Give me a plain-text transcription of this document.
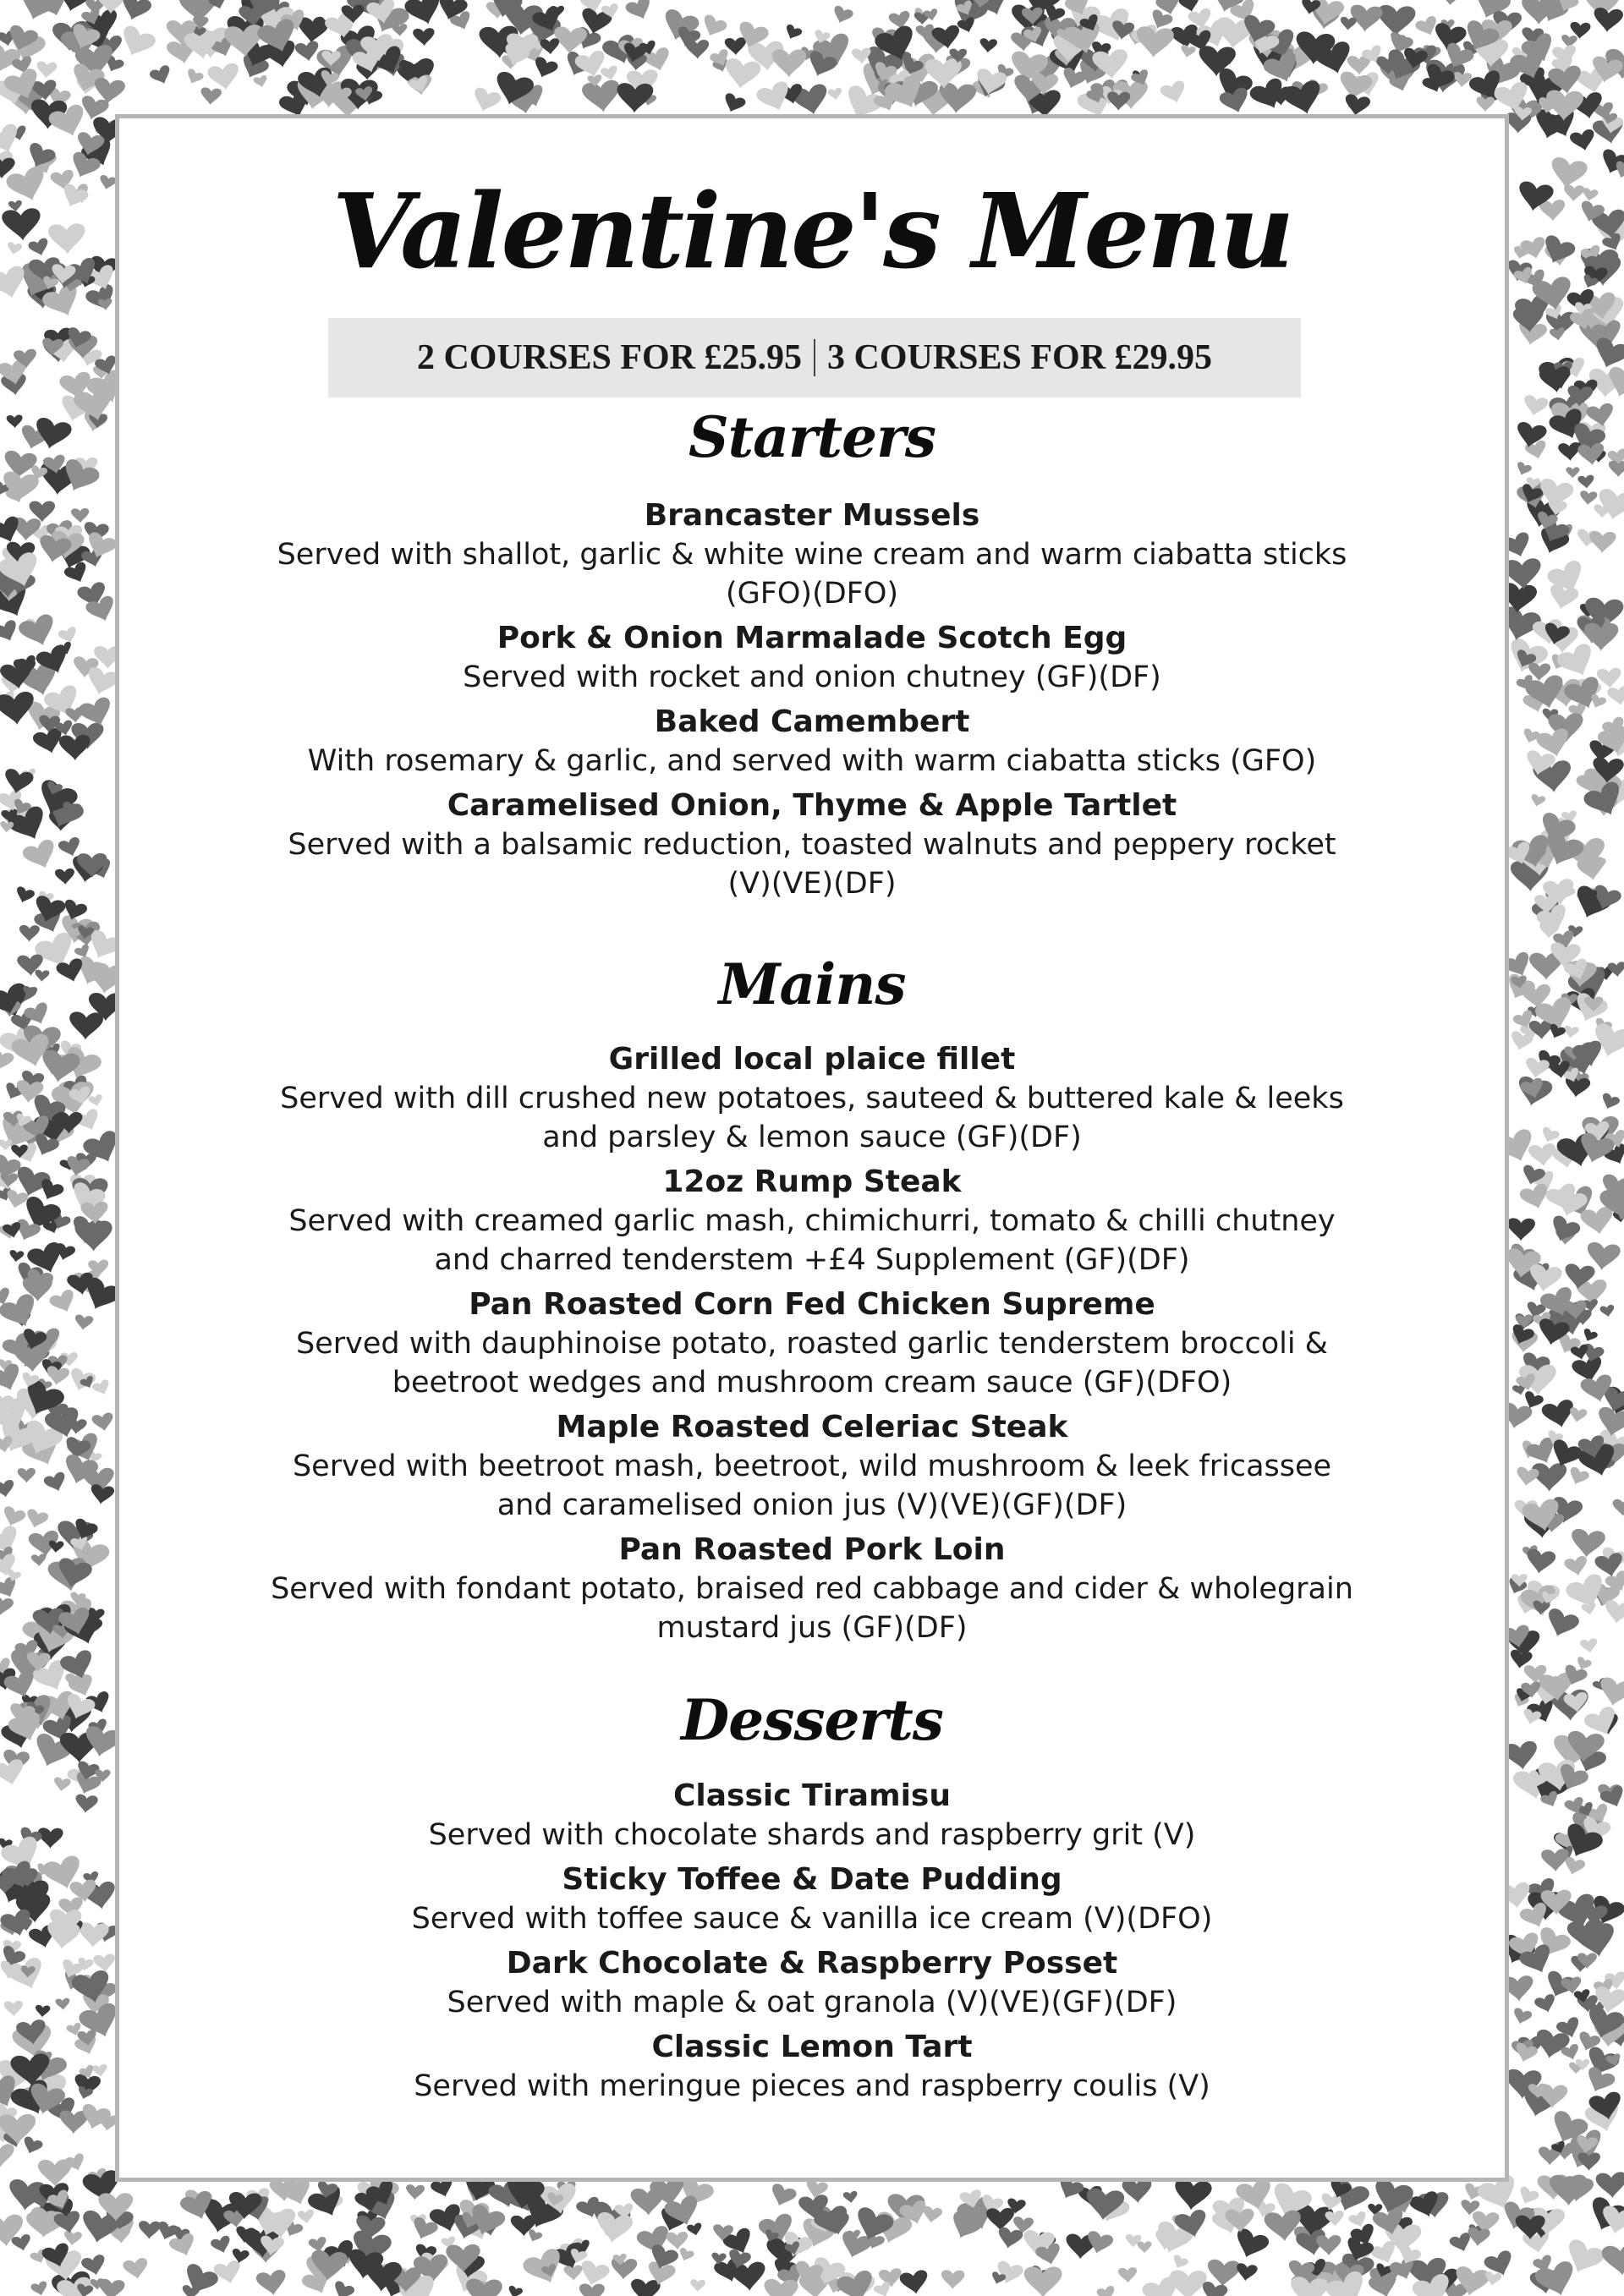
Valentine's Menu
2 COURSES FOR £25.95 3 COURSES FOR £29.95
Starters
Brancaster Mussels
Served with shallot, garlic & white wine cream and warm ciabatta sticks
(GFO)(DFO)
Pork & Onion Marmalade Scotch Egg
Served with rocket and onion chutney (GF)(DF)
Baked Camembert
With rosemary & garlic, and served with warm ciabatta sticks (GFO)
Caramelised Onion, Thyme & Apple Tartlet
Served with a balsamic reduction, toasted walnuts and peppery rocket
(V)(VE)(DF)
Mains
Grilled local plaice fillet
Served with dill crushed new potatoes, sauteed & buttered kale & leeks
and parsley & lemon sauce (GF)(DF)
12oz Rump Steak
Served with creamed garlic mash, chimichurri, tomato & chilli chutney
and charred tenderstem +£4 Supplement (GF)(DF)
Pan Roasted Corn Fed Chicken Supreme
Served with dauphinoise potato, roasted garlic tenderstem broccoli &
beetroot wedges and mushroom cream sauce (GF)(DFO)
Maple Roasted Celeriac Steak
Served with beetroot mash, beetroot, wild mushroom & leek fricassee
and caramelised onion jus (V)(VE)(GF)(DF)
Pan Roasted Pork Loin
Served with fondant potato, braised red cabbage and cider & wholegrain
mustard jus (GF)(DF)
Desserts
Classic Tiramisu
Served with chocolate shards and raspberry grit (V)
Sticky Toffee & Date Pudding
Served with toffee sauce & vanilla ice cream (V)(DFO)
Dark Chocolate & Raspberry Posset
Served with maple & oat granola (V)(VE)(GF)(DF)
Classic Lemon Tart
Served with meringue pieces and raspberry coulis (V)
